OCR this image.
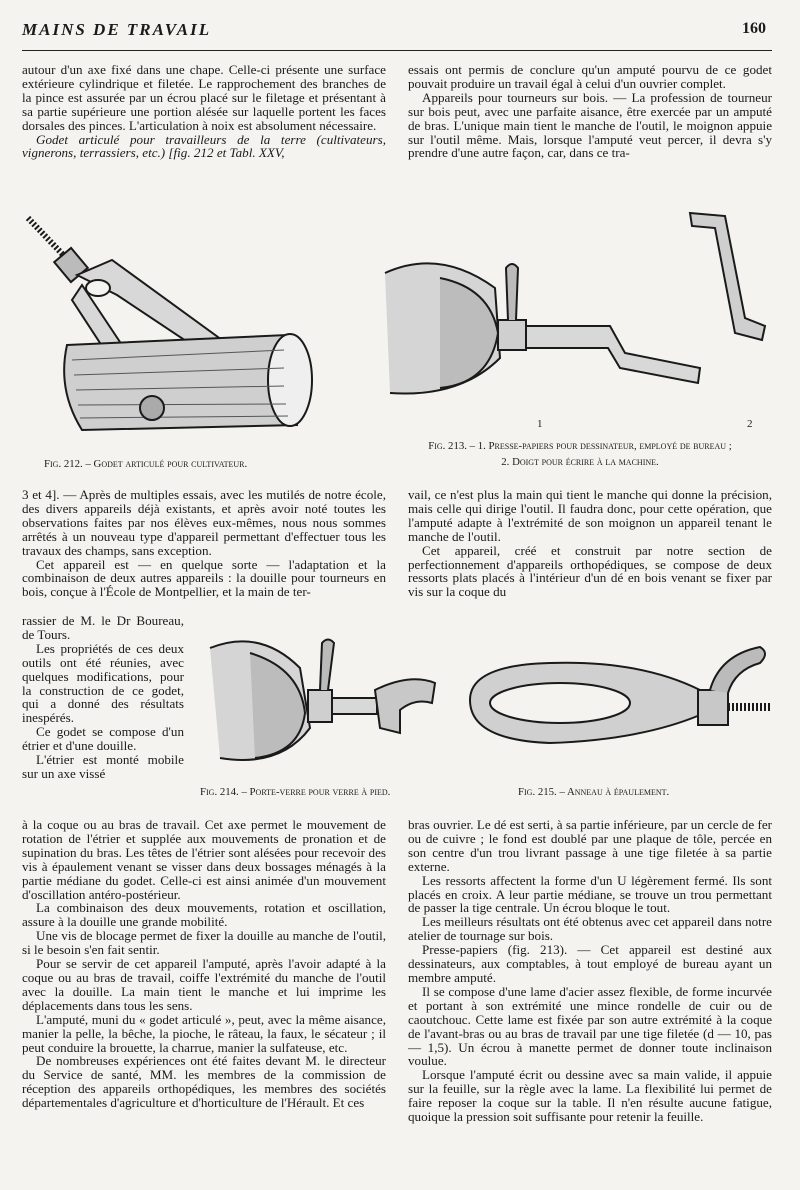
MAINS DE TRAVAIL	160

autour d'un axe fixé dans une chape. Celle-ci présente une surface extérieure cylindrique et filetée. Le rapprochement des branches de la pince est assurée par un écrou placé sur le filetage et présentant à sa partie supérieure une portion alésée sur laquelle portent les faces dorsales des pinces. L'articulation à noix est absolument nécessaire.

Godet articulé pour travailleurs de la terre (cultivateurs, vignerons, terrassiers, etc.) [fig. 212 et Tabl. XXV,

essais ont permis de conclure qu'un amputé pourvu de ce godet pouvait produire un travail égal à celui d'un ouvrier complet.

Appareils pour tourneurs sur bois. — La profession de tourneur sur bois peut, avec une parfaite aisance, être exercée par un amputé de bras. L'unique main tient le manche de l'outil, le moignon appuie sur l'outil même. Mais, lorsque l'amputé veut percer, il devra s'y prendre d'une autre façon, car, dans ce tra-

Fig. 212. – Godet articulé pour cultivateur.
1	2
Fig. 213. – 1. Presse-papiers pour dessinateur, employé de bureau ;
2. Doigt pour écrire à la machine.

3 et 4]. — Après de multiples essais, avec les mutilés de notre école, des divers appareils déjà existants, et après avoir noté toutes les observations faites par nos élèves eux-mêmes, nous nous sommes arrêtés à un nouveau type d'appareil permettant d'effectuer tous les travaux des champs, sans exception.

Cet appareil est — en quelque sorte — l'adaptation et la combinaison de deux autres appareils : la douille pour tourneurs en bois, conçue à l'École de Montpellier, et la main de ter-

rassier de M. le Dr Boureau, de Tours.

Les propriétés de ces deux outils ont été réunies, avec quelques modifications, pour la construction de ce godet, qui a donné des résultats inespérés.

Ce godet se compose d'un étrier et d'une douille.

L'étrier est monté mobile sur un axe vissé

vail, ce n'est plus la main qui tient le manche qui donne la précision, mais celle qui dirige l'outil. Il faudra donc, pour cette opération, que l'amputé adapte à l'extrémité de son moignon un appareil tenant le manche de l'outil.

Cet appareil, créé et construit par notre section de perfectionnement d'appareils orthopédiques, se compose de deux ressorts plats placés à l'intérieur d'un dé en bois venant se fixer par vis sur la coque du

Fig. 214. – Porte-verre pour verre à pied.	Fig. 215. – Anneau à épaulement.

à la coque ou au bras de travail. Cet axe permet le mouvement de rotation de l'étrier et supplée aux mouvements de pronation et de supination du bras. Les têtes de l'étrier sont alésées pour recevoir des vis à épaulement venant se visser dans deux bossages ménagés à la partie médiane du godet. Celle-ci est ainsi animée d'un mouvement d'oscillation antéro-postérieur.

La combinaison des deux mouvements, rotation et oscillation, assure à la douille une grande mobilité.

Une vis de blocage permet de fixer la douille au manche de l'outil, si le besoin s'en fait sentir.

Pour se servir de cet appareil l'amputé, après l'avoir adapté à la coque ou au bras de travail, coiffe l'extrémité du manche de l'outil avec la douille. La main tient le manche et lui imprime les déplacements dans tous les sens.

L'amputé, muni du « godet articulé », peut, avec la même aisance, manier la pelle, la bêche, la pioche, le râteau, la faux, le sécateur ; il peut conduire la brouette, la charrue, manier la sulfateuse, etc.

De nombreuses expériences ont été faites devant M. le directeur du Service de santé, MM. les membres de la commission de réception des appareils orthopédiques, les membres des sociétés départementales d'agriculture et d'horticulture de l'Hérault. Et ces

bras ouvrier. Le dé est serti, à sa partie inférieure, par un cercle de fer ou de cuivre ; le fond est doublé par une plaque de tôle, percée en son centre d'un trou livrant passage à une tige filetée à sa partie externe.

Les ressorts affectent la forme d'un U légèrement fermé. Ils sont placés en croix. A leur partie médiane, se trouve un trou permettant de passer la tige centrale. Un écrou bloque le tout.

Les meilleurs résultats ont été obtenus avec cet appareil dans notre atelier de tournage sur bois.

Presse-papiers (fig. 213). — Cet appareil est destiné aux dessinateurs, aux comptables, à tout employé de bureau ayant un membre amputé.

Il se compose d'une lame d'acier assez flexible, de forme incurvée et portant à son extrémité une mince rondelle de cuir ou de caoutchouc. Cette lame est fixée par son autre extrémité à la coque de l'avant-bras ou au bras de travail par une tige filetée (d — 10, pas — 1,5). Un écrou à manette permet de donner toute inclinaison voulue.

Lorsque l'amputé écrit ou dessine avec sa main valide, il appuie sur la feuille, sur la règle avec la lame. La flexibilité lui permet de faire reposer la coque sur la table. Il n'en résulte aucune fatigue, quoique la pression soit suffisante pour retenir la feuille.
